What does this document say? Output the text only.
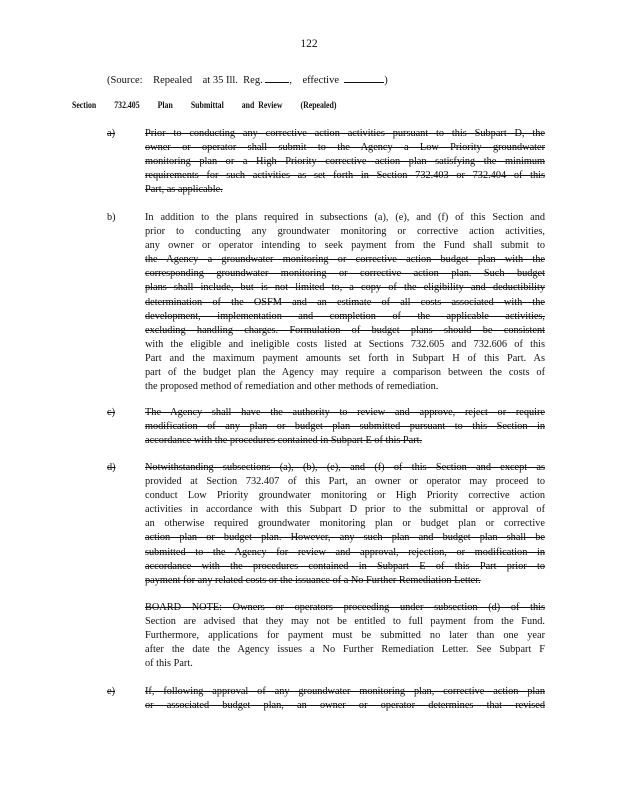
122
(Source:    Repealed    at 35 Ill.  Reg.	,    effective	)
Section 732.405 Plan Submittal and  Review (Repealed)
a)	Prior to conducting any corrective action activities pursuant to this Subpart D, the
owner or operator shall submit to the Agency a Low Priority groundwater
monitoring plan or a High Priority corrective action plan satisfying the minimum
requirements for such activities as set forth in Section 732.403 or 732.404 of this
Part, as applicable.
b)	In addition to the plans required in subsections (a), (e), and (f) of this Section and
prior to conducting any groundwater monitoring or corrective action activities,
any owner or operator intending to seek payment from the Fund shall submit to
the Agency a groundwater monitoring or corrective action budget plan with the
corresponding groundwater monitoring or corrective action plan. Such budget
plans shall include, but is not limited to, a copy of the eligibility and deductibility
determination of the OSFM and an estimate of all costs associated with the
development, implementation and completion of the applicable activities,
excluding handling charges. Formulation of budget plans should be consistent
with the eligible and ineligible costs listed at Sections 732.605 and 732.606 of this
Part and the maximum payment amounts set forth in Subpart H of this Part. As
part of the budget plan the Agency may require a comparison between the costs of
the proposed method of remediation and other methods of remediation.
c)	The Agency shall have the authority to review and approve, reject or require
modification of any plan or budget plan submitted pursuant to this Section in
accordance with the procedures contained in Subpart E of this Part.
d)	Notwithstanding subsections (a), (b), (e), and (f) of this Section and except as
provided at Section 732.407 of this Part, an owner or operator may proceed to
conduct Low Priority groundwater monitoring or High Priority corrective action
activities in accordance with this Subpart D prior to the submittal or approval of
an otherwise required groundwater monitoring plan or budget plan or corrective
action plan or budget plan. However, any such plan and budget plan shall be
submitted to the Agency for review and approval, rejection, or modification in
accordance with the procedures contained in Subpart E of this Part prior to
payment for any related costs or the issuance of a No Further Remediation Letter.
BOARD NOTE: Owners or operators proceeding under subsection (d) of this
Section are advised that they may not be entitled to full payment from the Fund.
Furthermore, applications for payment must be submitted no later than one year
after the date the Agency issues a No Further Remediation Letter. See Subpart F
of this Part.
e)	If, following approval of any groundwater monitoring plan, corrective action plan
or associated budget plan, an owner or operator determines that revised
